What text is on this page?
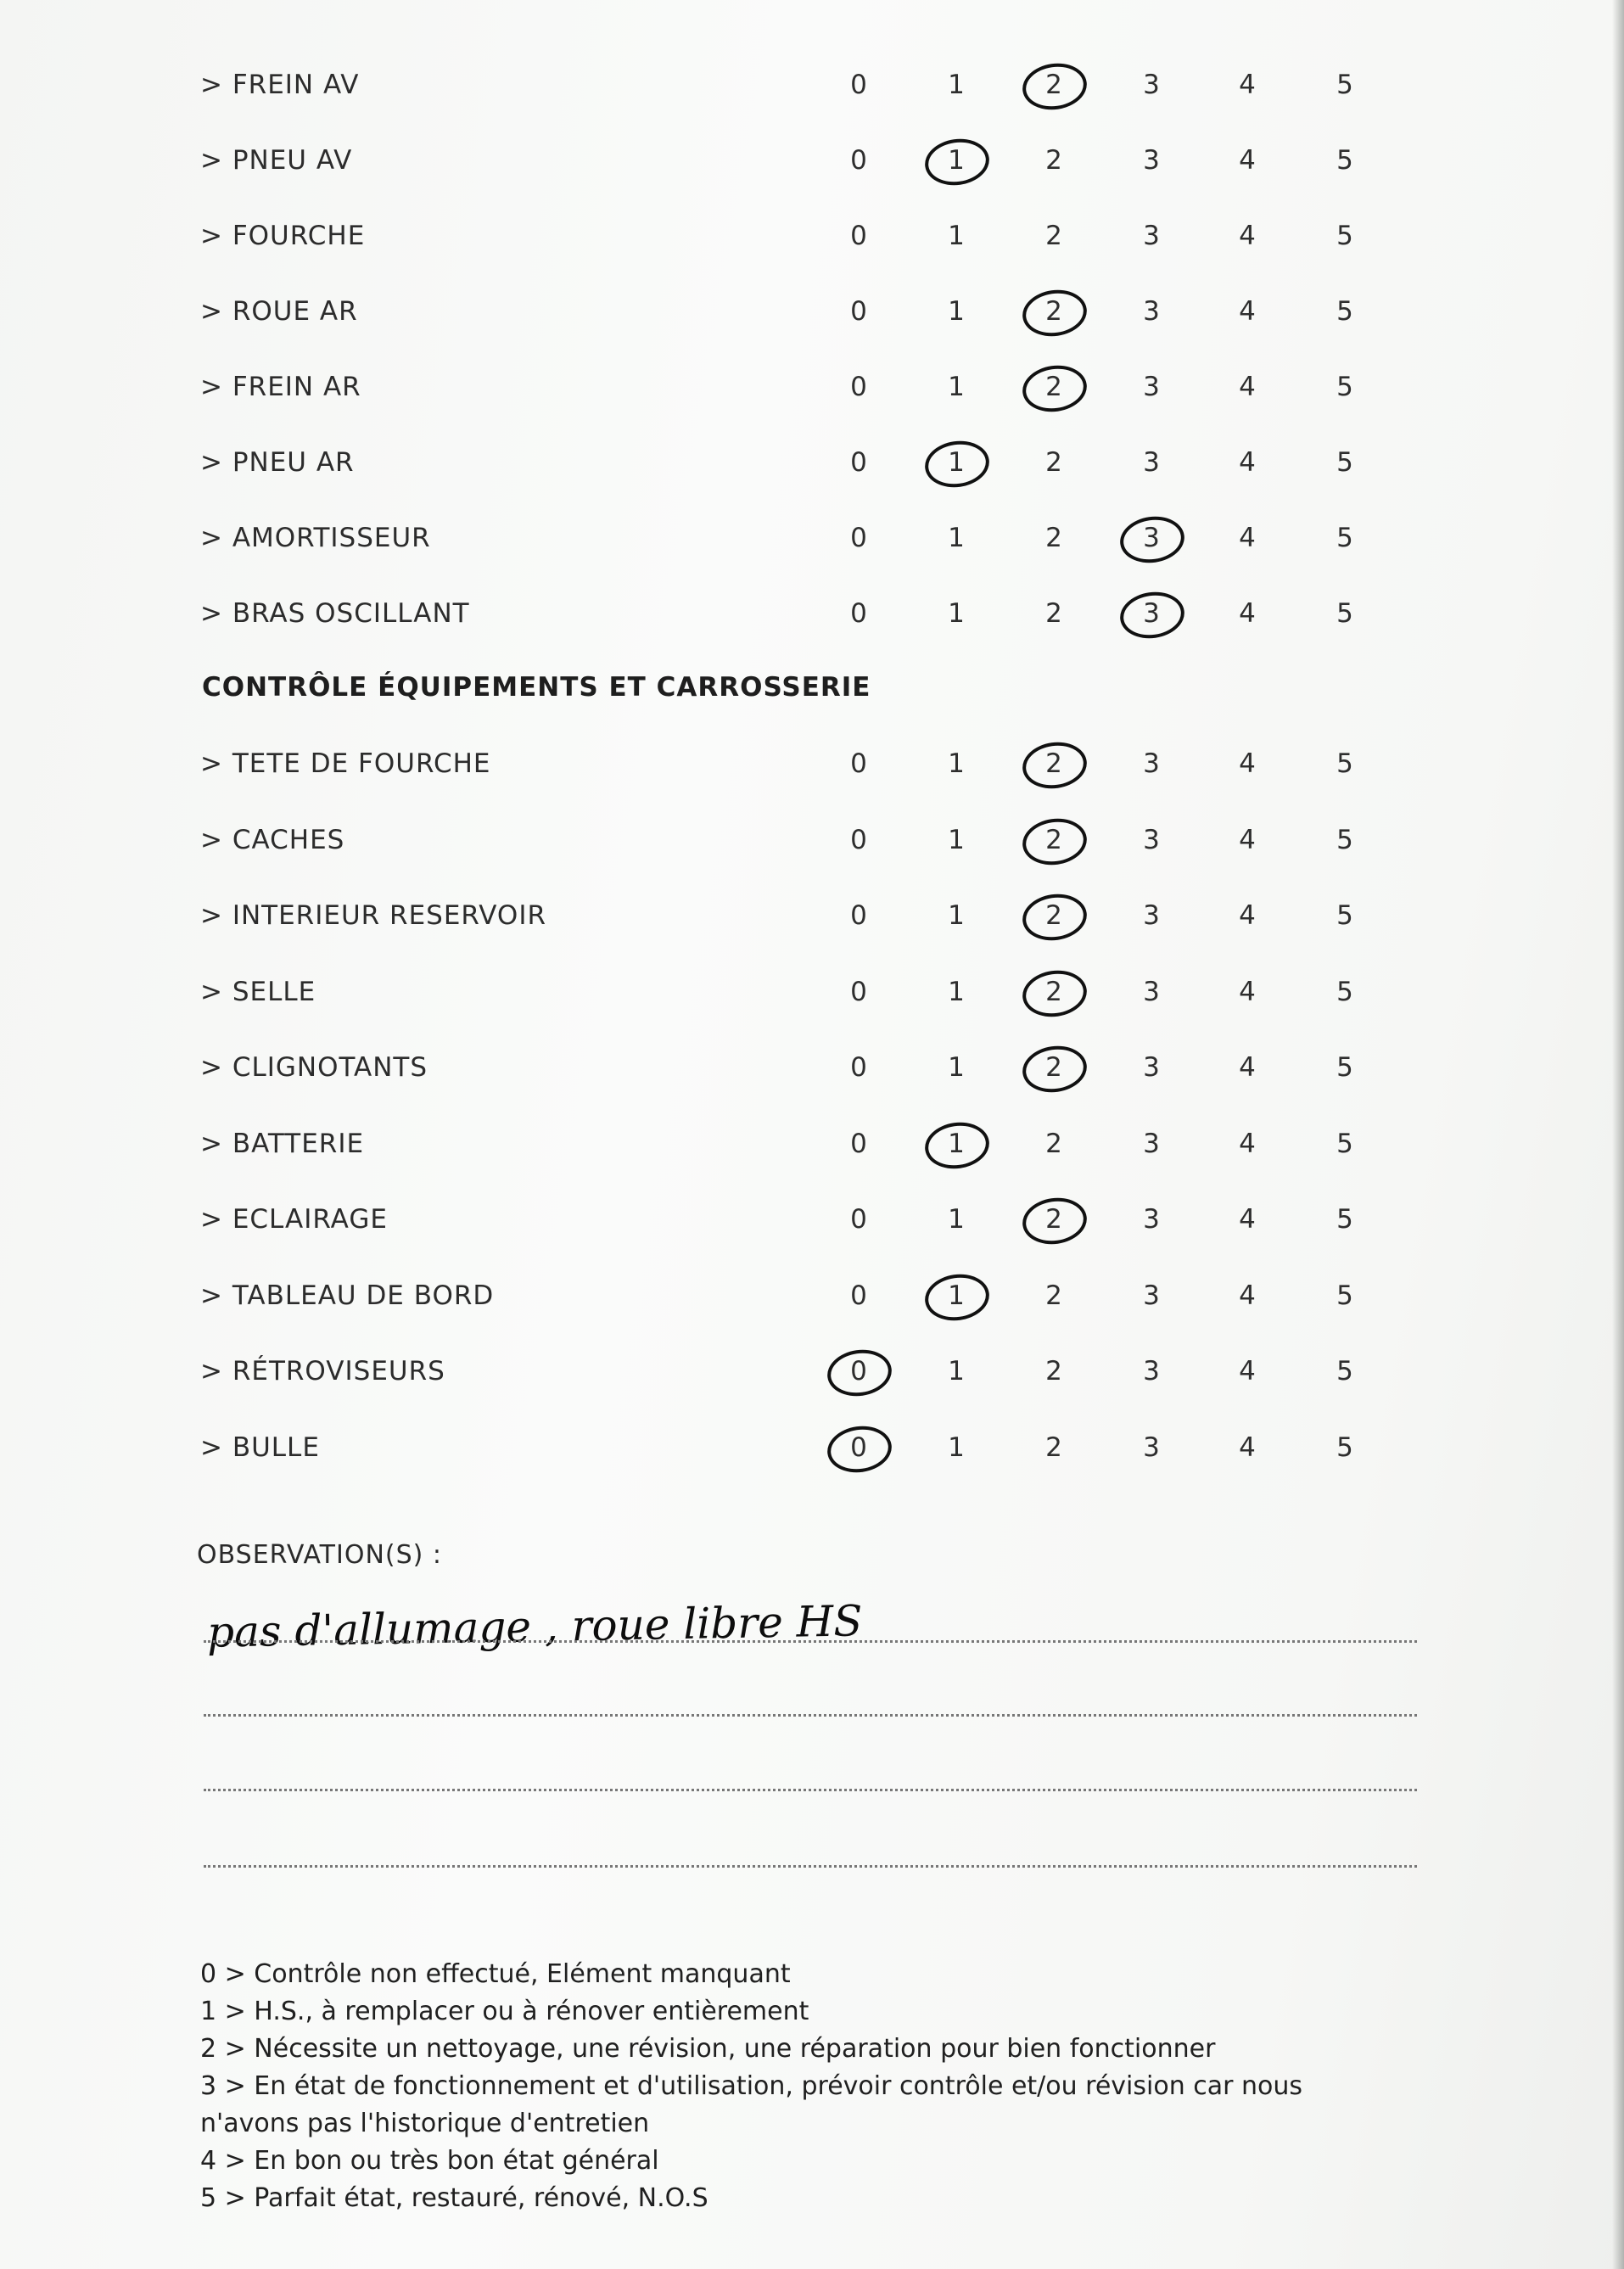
> FREIN AV	0	1	2	3	4	5
> PNEU AV	0	1	2	3	4	5
> FOURCHE	0	1	2	3	4	5
> ROUE AR	0	1	2	3	4	5
> FREIN AR	0	1	2	3	4	5
> PNEU AR	0	1	2	3	4	5
> AMORTISSEUR	0	1	2	3	4	5
> BRAS OSCILLANT	0	1	2	3	4	5
> TETE DE FOURCHE	0	1	2	3	4	5
> CACHES	0	1	2	3	4	5
> INTERIEUR RESERVOIR	0	1	2	3	4	5
> SELLE	0	1	2	3	4	5
> CLIGNOTANTS	0	1	2	3	4	5
> BATTERIE	0	1	2	3	4	5
> ECLAIRAGE	0	1	2	3	4	5
> TABLEAU DE BORD	0	1	2	3	4	5
> RÉTROVISEURS	0	1	2	3	4	5
> BULLE	0	1	2	3	4	5
CONTRÔLE ÉQUIPEMENTS ET CARROSSERIE
OBSERVATION(S) :
pas d'allumage , roue libre HS
0 > Contrôle non effectué, Elément manquant
1 > H.S., à remplacer ou à rénover entièrement
2 > Nécessite un nettoyage, une révision, une réparation pour bien fonctionner
3 > En état de fonctionnement et d'utilisation, prévoir contrôle et/ou révision car nous
n'avons pas l'historique d'entretien
4 > En bon ou très bon état général
5 > Parfait état, restauré, rénové, N.O.S
